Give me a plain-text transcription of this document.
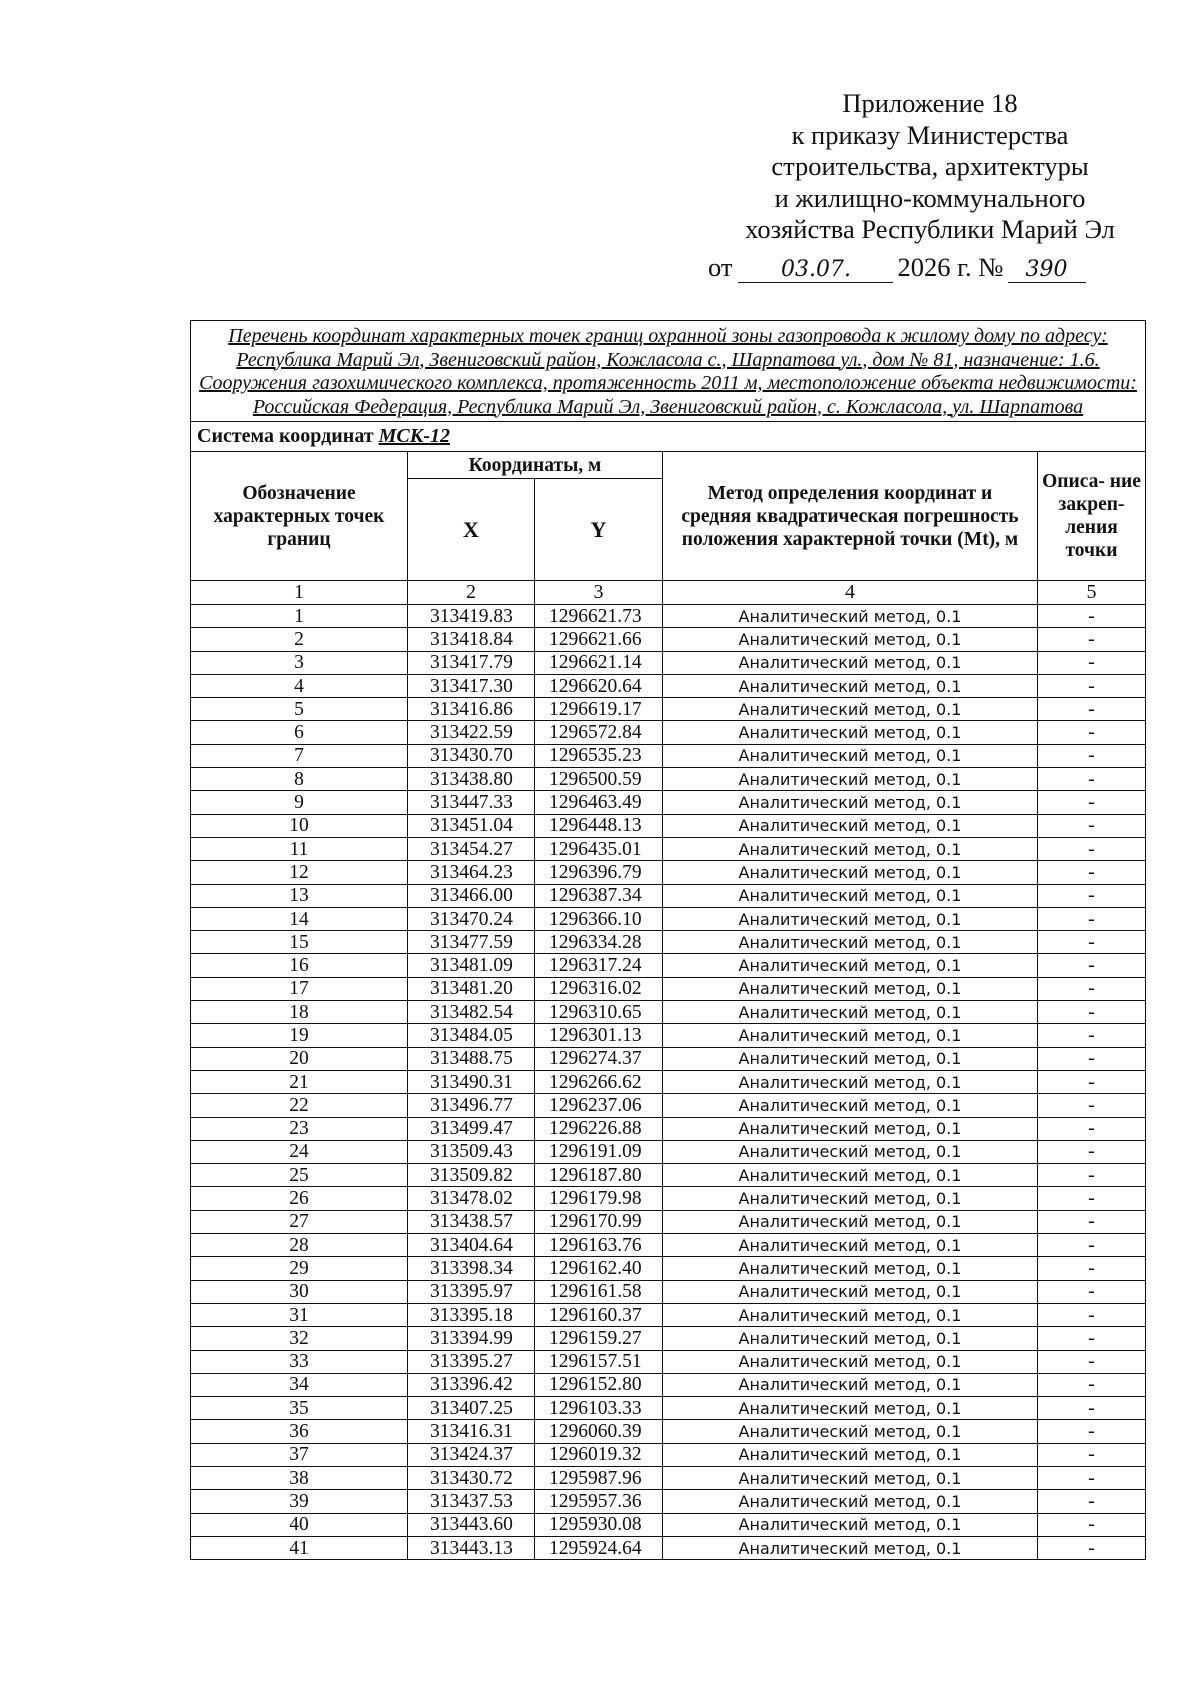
Приложение 18
к приказу Министерства
строительства, архитектуры
и жилищно-коммунального
хозяйства Республики Марий Эл
от 03.07. 2026 г. № 390
Перечень координат характерных точек границ охранной зоны газопровода к жилому дому по адресу: Республика Марий Эл, Звениговский район, Кожласола с., Шарпатова ул., дом № 81, назначение: 1.6. Сооружения газохимического комплекса, протяженность 2011 м, местоположение объекта недвижимости: Российская Федерация, Республика Марий Эл, Звениговский район, с. Кожласола, ул. Шарпатова				
Система координат МСК-12				
Обозначение характерных точек границ	Координаты, м		Метод определения координат и средняя квадратическая погрешность положения характерной точки (Mt), м	Описа- ние закреп- ления точки
	X	Y		
1	2	3	4	5
1	313419.83	1296621.73	Аналитический метод, 0.1	-
2	313418.84	1296621.66	Аналитический метод, 0.1	-
3	313417.79	1296621.14	Аналитический метод, 0.1	-
4	313417.30	1296620.64	Аналитический метод, 0.1	-
5	313416.86	1296619.17	Аналитический метод, 0.1	-
6	313422.59	1296572.84	Аналитический метод, 0.1	-
7	313430.70	1296535.23	Аналитический метод, 0.1	-
8	313438.80	1296500.59	Аналитический метод, 0.1	-
9	313447.33	1296463.49	Аналитический метод, 0.1	-
10	313451.04	1296448.13	Аналитический метод, 0.1	-
11	313454.27	1296435.01	Аналитический метод, 0.1	-
12	313464.23	1296396.79	Аналитический метод, 0.1	-
13	313466.00	1296387.34	Аналитический метод, 0.1	-
14	313470.24	1296366.10	Аналитический метод, 0.1	-
15	313477.59	1296334.28	Аналитический метод, 0.1	-
16	313481.09	1296317.24	Аналитический метод, 0.1	-
17	313481.20	1296316.02	Аналитический метод, 0.1	-
18	313482.54	1296310.65	Аналитический метод, 0.1	-
19	313484.05	1296301.13	Аналитический метод, 0.1	-
20	313488.75	1296274.37	Аналитический метод, 0.1	-
21	313490.31	1296266.62	Аналитический метод, 0.1	-
22	313496.77	1296237.06	Аналитический метод, 0.1	-
23	313499.47	1296226.88	Аналитический метод, 0.1	-
24	313509.43	1296191.09	Аналитический метод, 0.1	-
25	313509.82	1296187.80	Аналитический метод, 0.1	-
26	313478.02	1296179.98	Аналитический метод, 0.1	-
27	313438.57	1296170.99	Аналитический метод, 0.1	-
28	313404.64	1296163.76	Аналитический метод, 0.1	-
29	313398.34	1296162.40	Аналитический метод, 0.1	-
30	313395.97	1296161.58	Аналитический метод, 0.1	-
31	313395.18	1296160.37	Аналитический метод, 0.1	-
32	313394.99	1296159.27	Аналитический метод, 0.1	-
33	313395.27	1296157.51	Аналитический метод, 0.1	-
34	313396.42	1296152.80	Аналитический метод, 0.1	-
35	313407.25	1296103.33	Аналитический метод, 0.1	-
36	313416.31	1296060.39	Аналитический метод, 0.1	-
37	313424.37	1296019.32	Аналитический метод, 0.1	-
38	313430.72	1295987.96	Аналитический метод, 0.1	-
39	313437.53	1295957.36	Аналитический метод, 0.1	-
40	313443.60	1295930.08	Аналитический метод, 0.1	-
41	313443.13	1295924.64	Аналитический метод, 0.1	-
